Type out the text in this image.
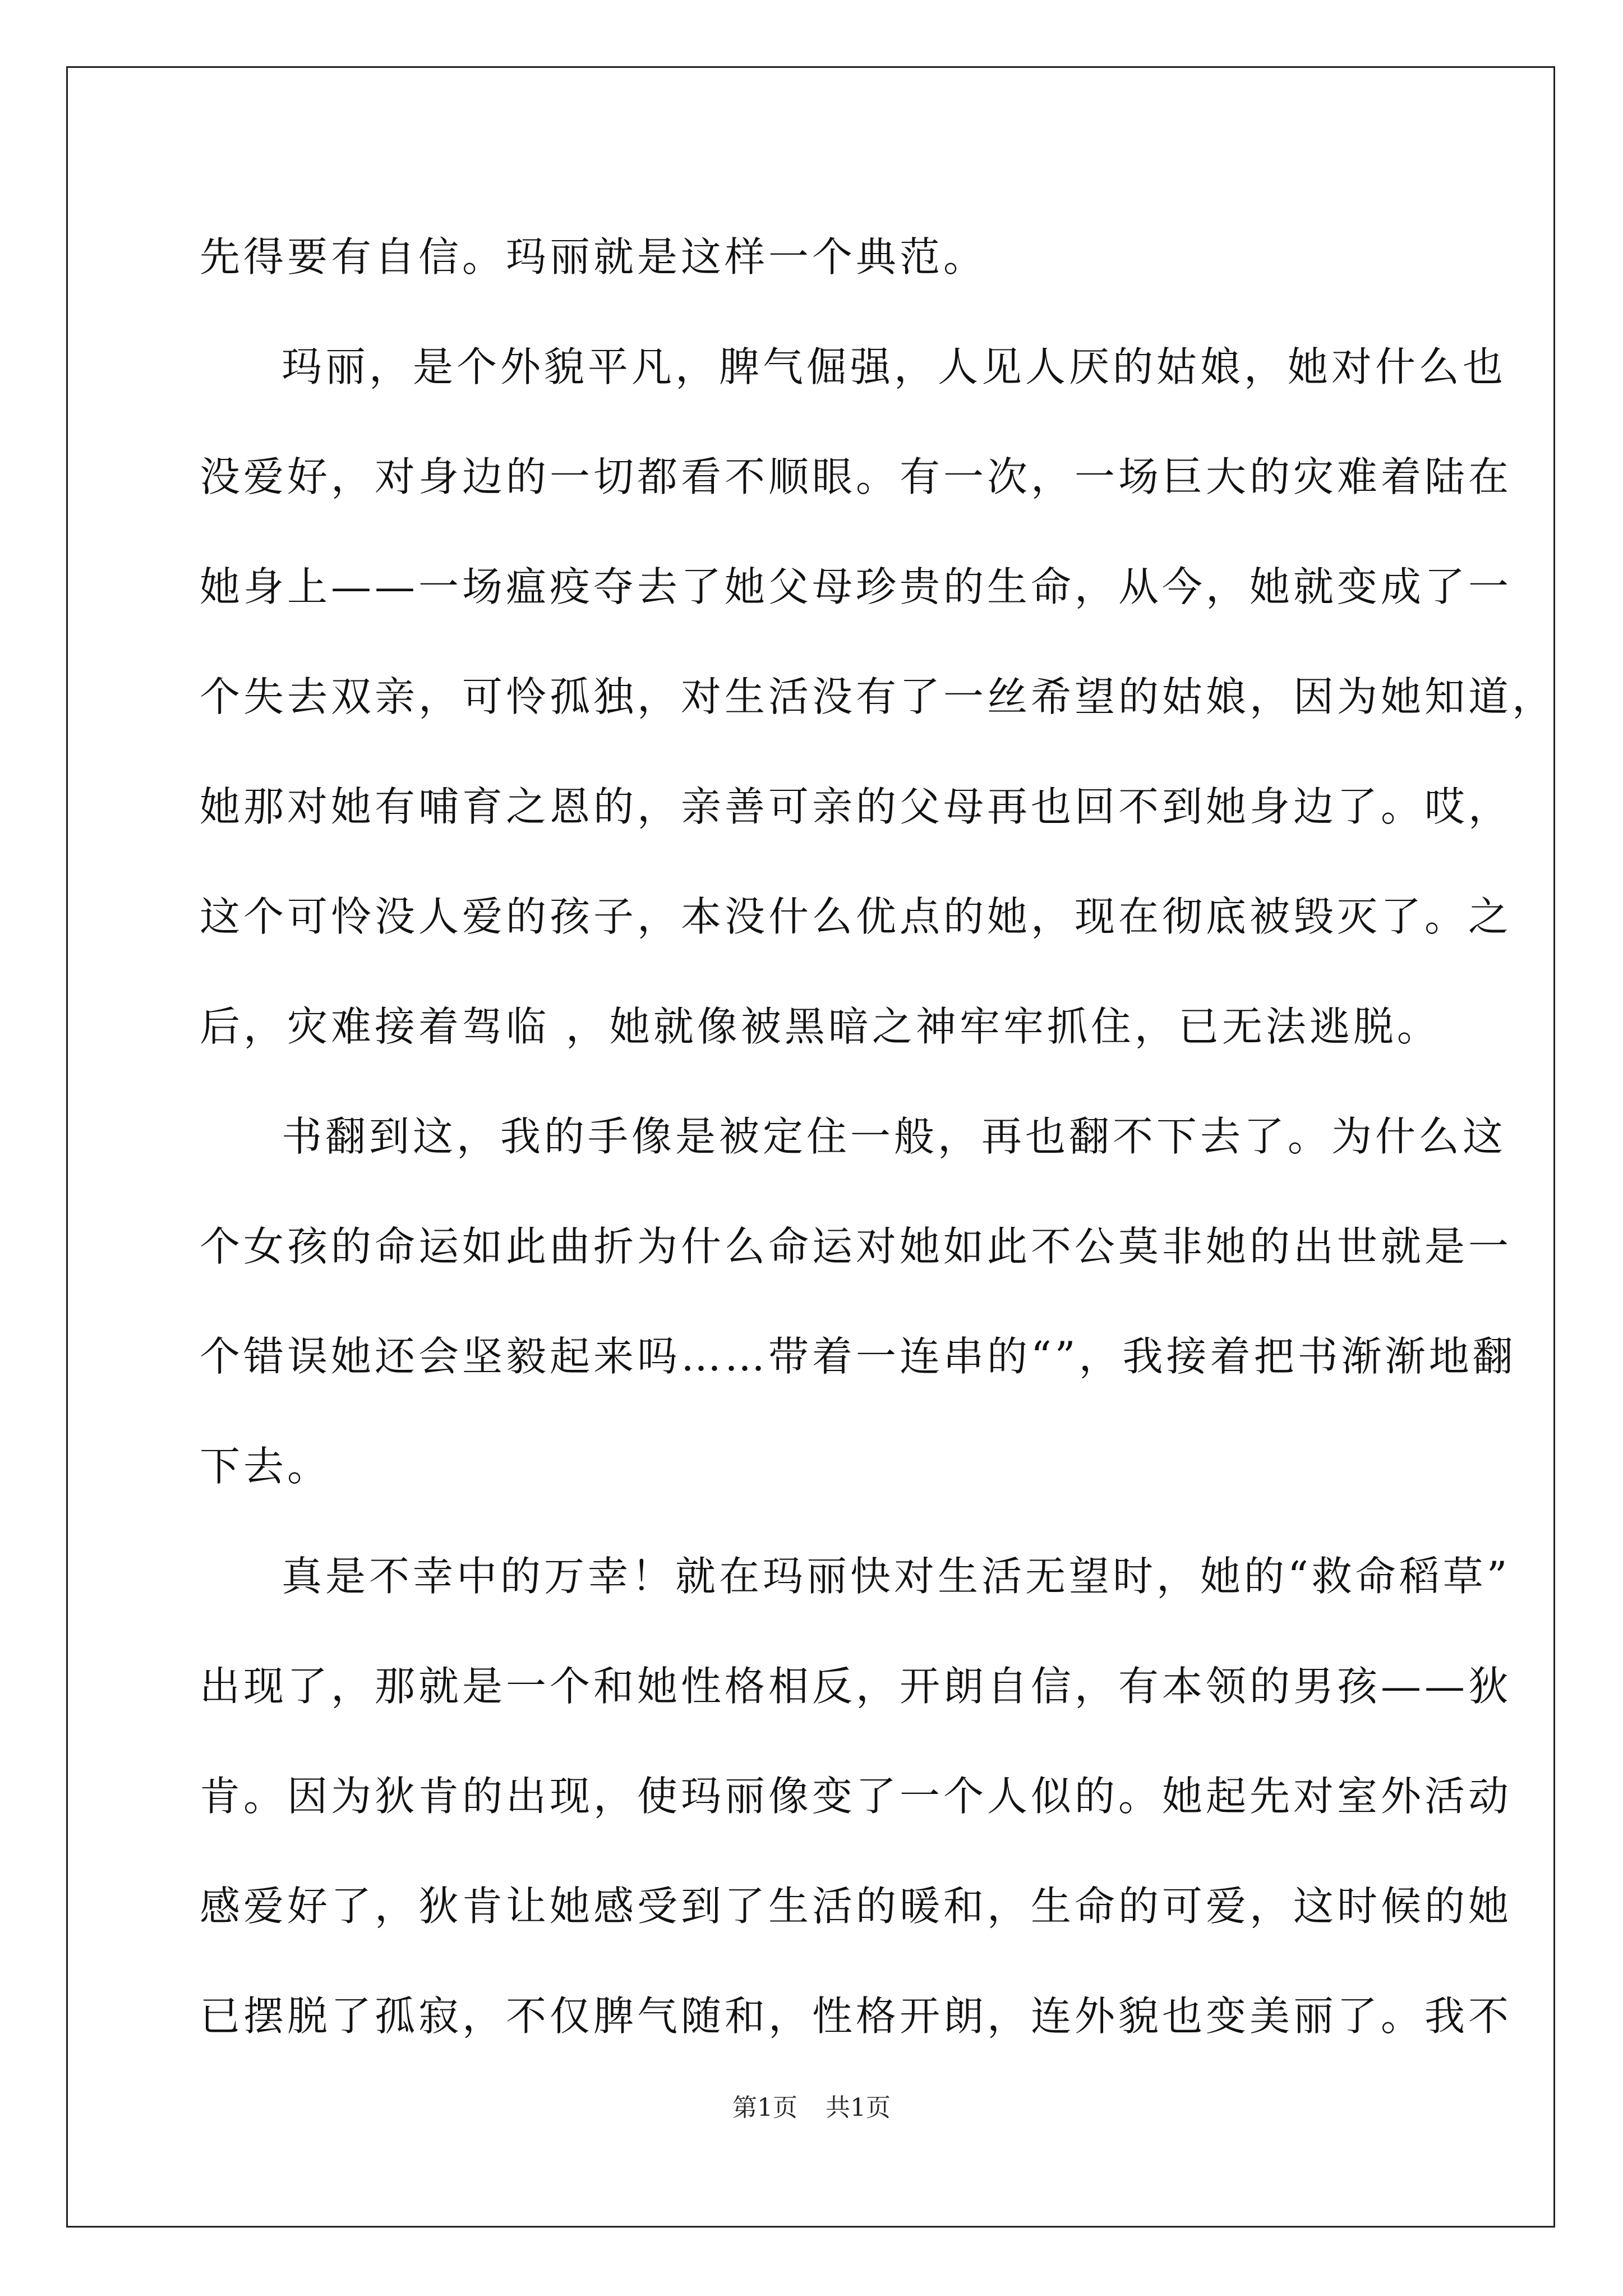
先得要有自信。玛丽就是这样一个典范。
玛丽，是个外貌平凡，脾气倔强，人见人厌的姑娘，她对什么也
没爱好，对身边的一切都看不顺眼。有一次，一场巨大的灾难着陆在
她身上——一场瘟疫夺去了她父母珍贵的生命，从今，她就变成了一
个失去双亲，可怜孤独，对生活没有了一丝希望的姑娘，因为她知道，
她那对她有哺育之恩的，亲善可亲的父母再也回不到她身边了。哎，
这个可怜没人爱的孩子，本没什么优点的她，现在彻底被毁灭了。之
后，灾难接着驾临 ，她就像被黑暗之神牢牢抓住，已无法逃脱。
书翻到这，我的手像是被定住一般，再也翻不下去了。为什么这
个女孩的命运如此曲折为什么命运对她如此不公莫非她的出世就是一
个错误她还会坚毅起来吗……带着一连串的“”，我接着把书渐渐地翻
下去。
真是不幸中的万幸！就在玛丽快对生活无望时，她的“救命稻草”
出现了，那就是一个和她性格相反，开朗自信，有本领的男孩——狄
肯。因为狄肯的出现，使玛丽像变了一个人似的。她起先对室外活动
感爱好了，狄肯让她感受到了生活的暖和，生命的可爱，这时候的她
已摆脱了孤寂，不仅脾气随和，性格开朗，连外貌也变美丽了。我不
第1页 共1页
